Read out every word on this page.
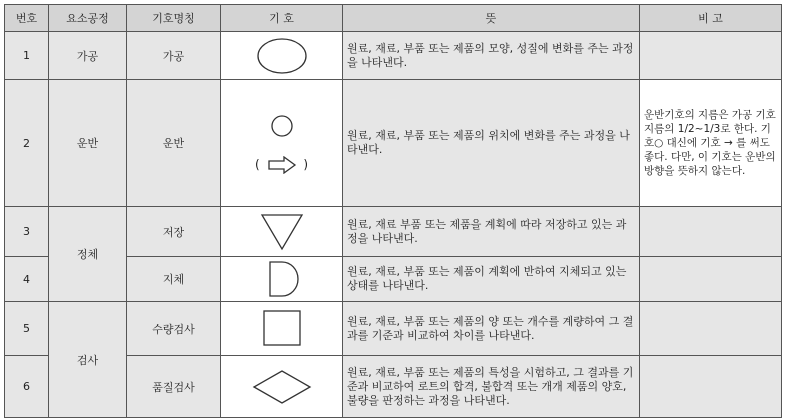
번호	요소공정	기호명칭	기 호	뜻	비 고
1	가공	가공		원료, 재료, 부품 또는 제품의 모양, 성질에 변화를 주는 과정을 나타낸다.	
2	운반	운반	( )	원료, 재료, 부품 또는 제품의 위치에 변화를 주는 과정을 나타낸다.	운반기호의 지름은 가공 기호 지름의 1/2~1/3로 한다. 기호○ 대신에 기호 → 를 써도 좋다. 다만, 이 기호는 운반의 방향을 뜻하지 않는다.
3	정체	저장		원료, 재료 부품 또는 제품을 계획에 따라 저장하고 있는 과정을 나타낸다.	
4		지체		원료, 재료, 부품 또는 제품이 계획에 반하여 지체되고 있는 상태를 나타낸다.	
5	검사	수량검사		원료, 재료, 부품 또는 제품의 양 또는 개수를 계량하여 그 결과를 기준과 비교하여 차이를 나타낸다.	
6		품질검사		원료, 재료, 부품 또는 제품의 특성을 시험하고, 그 결과를 기준과 비교하여 로트의 합격, 불합격 또는 개개 제품의 양호, 불량을 판정하는 과정을 나타낸다.	
